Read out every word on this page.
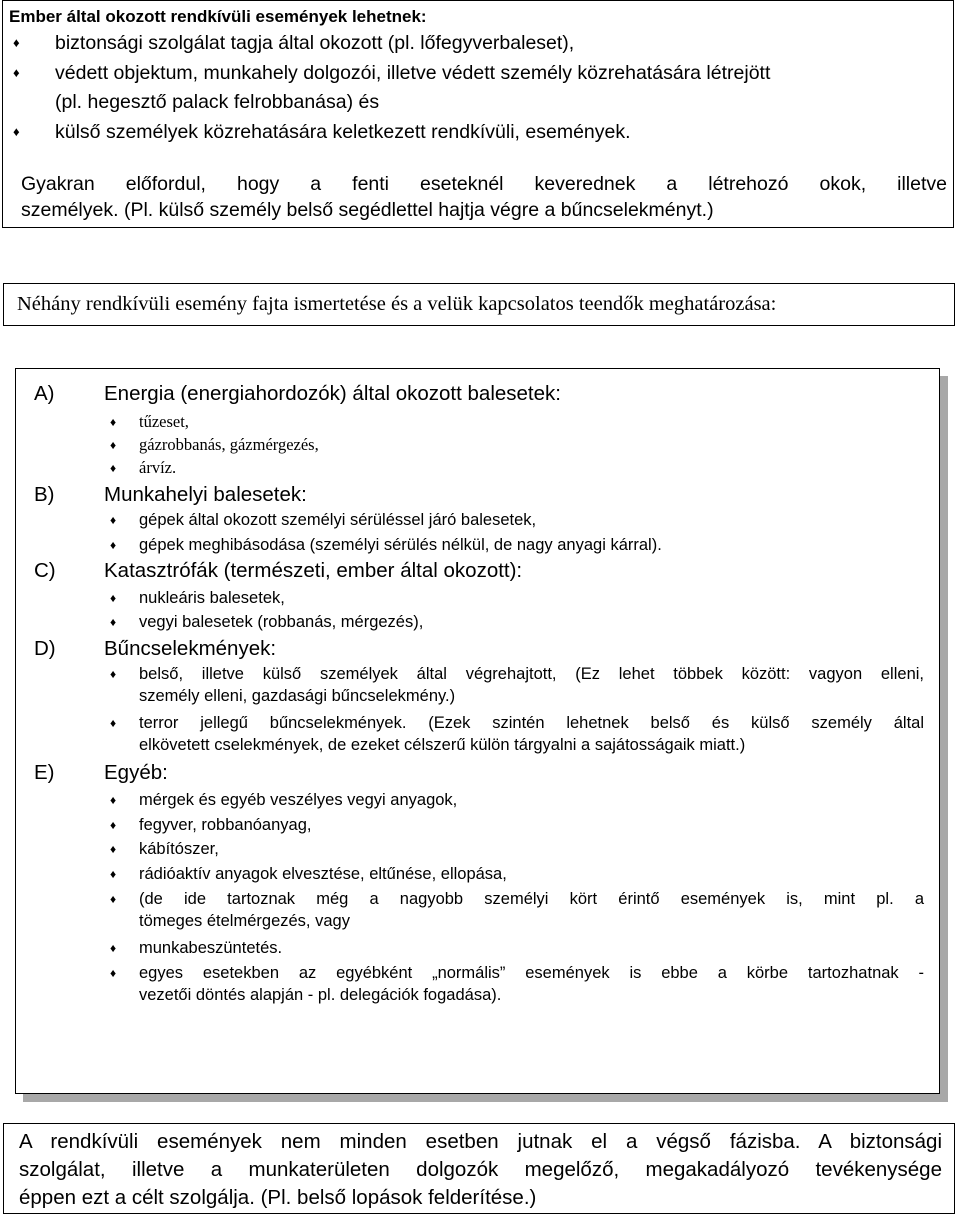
Ember által okozott rendkívüli események lehetnek:
♦ biztonsági szolgálat tagja által okozott (pl. lőfegyverbaleset),
♦ védett objektum, munkahely dolgozói, illetve védett személy közrehatására létrejött
(pl. hegesztő palack felrobbanása) és
♦ külső személyek közrehatására keletkezett rendkívüli, események.
Gyakran előfordul, hogy a fenti eseteknél keverednek a létrehozó okok, illetve
személyek. (Pl. külső személy belső segédlettel hajtja végre a bűncselekményt.)
Néhány rendkívüli esemény fajta ismertetése és a velük kapcsolatos teendők meghatározása:
A) Energia (energiahordozók) által okozott balesetek:
♦ tűzeset,
♦ gázrobbanás, gázmérgezés,
♦ árvíz.
B) Munkahelyi balesetek:
♦ gépek által okozott személyi sérüléssel járó balesetek,
♦ gépek meghibásodása (személyi sérülés nélkül, de nagy anyagi kárral).
C) Katasztrófák (természeti, ember által okozott):
♦ nukleáris balesetek,
♦ vegyi balesetek (robbanás, mérgezés),
D) Bűncselekmények:
♦ belső, illetve külső személyek által végrehajtott, (Ez lehet többek között: vagyon elleni,
személy elleni, gazdasági bűncselekmény.)
♦ terror jellegű bűncselekmények. (Ezek szintén lehetnek belső és külső személy által
elkövetett cselekmények, de ezeket célszerű külön tárgyalni a sajátosságaik miatt.)
E) Egyéb:
♦ mérgek és egyéb veszélyes vegyi anyagok,
♦ fegyver, robbanóanyag,
♦ kábítószer,
♦ rádióaktív anyagok elvesztése, eltűnése, ellopása,
♦ (de ide tartoznak még a nagyobb személyi kört érintő események is, mint pl. a
tömeges ételmérgezés, vagy
♦ munkabeszüntetés.
♦ egyes esetekben az egyébként „normális” események is ebbe a körbe tartozhatnak -
vezetői döntés alapján - pl. delegációk fogadása).
A rendkívüli események nem minden esetben jutnak el a végső fázisba. A biztonsági
szolgálat, illetve a munkaterületen dolgozók megelőző, megakadályozó tevékenysége
éppen ezt a célt szolgálja. (Pl. belső lopások felderítése.)
